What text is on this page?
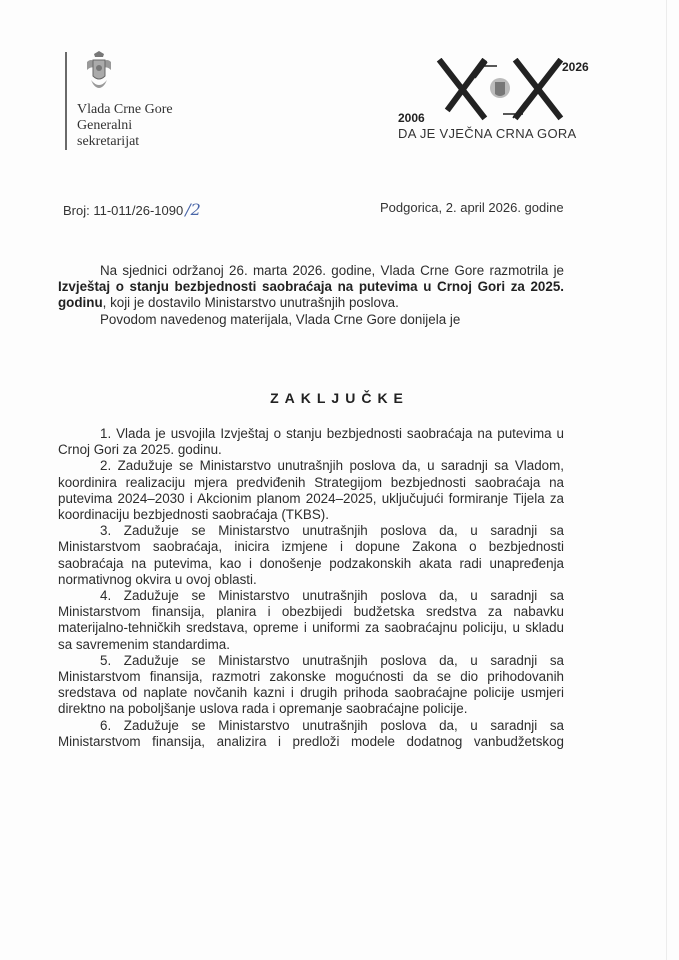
Vlada Crne Gore
Generalni
sekretarijat
2026
2006
DA JE VJEČNA CRNA GORA
Broj: 11-011/26-1090 /2	Podgorica, 2. april 2026. godine

Na sjednici održanoj 26. marta 2026. godine, Vlada Crne Gore razmotrila je Izvještaj o stanju bezbjednosti saobraćaja na putevima u Crnoj Gori za 2025. godinu, koji je dostavilo Ministarstvo unutrašnjih poslova.

Povodom navedenog materijala, Vlada Crne Gore donijela je

ZAKLJUČKE

1. Vlada je usvojila Izvještaj o stanju bezbjednosti saobraćaja na putevima u Crnoj Gori za 2025. godinu.

2. Zadužuje se Ministarstvo unutrašnjih poslova da, u saradnji sa Vladom, koordinira realizaciju mjera predviđenih Strategijom bezbjednosti saobraćaja na putevima 2024–2030 i Akcionim planom 2024–2025, uključujući formiranje Tijela za koordinaciju bezbjednosti saobraćaja (TKBS).

3. Zadužuje se Ministarstvo unutrašnjih poslova da, u saradnji sa Ministarstvom saobraćaja, inicira izmjene i dopune Zakona o bezbjednosti saobraćaja na putevima, kao i donošenje podzakonskih akata radi unapređenja normativnog okvira u ovoj oblasti.

4. Zadužuje se Ministarstvo unutrašnjih poslova da, u saradnji sa Ministarstvom finansija, planira i obezbijedi budžetska sredstva za nabavku materijalno-tehničkih sredstava, opreme i uniformi za saobraćajnu policiju, u skladu sa savremenim standardima.

5. Zadužuje se Ministarstvo unutrašnjih poslova da, u saradnji sa Ministarstvom finansija, razmotri zakonske mogućnosti da se dio prihodovanih sredstava od naplate novčanih kazni i drugih prihoda saobraćajne policije usmjeri direktno na poboljšanje uslova rada i opremanje saobraćajne policije.

6. Zadužuje se Ministarstvo unutrašnjih poslova da, u saradnji sa Ministarstvom finansija, analizira i predloži modele dodatnog vanbudžetskog
